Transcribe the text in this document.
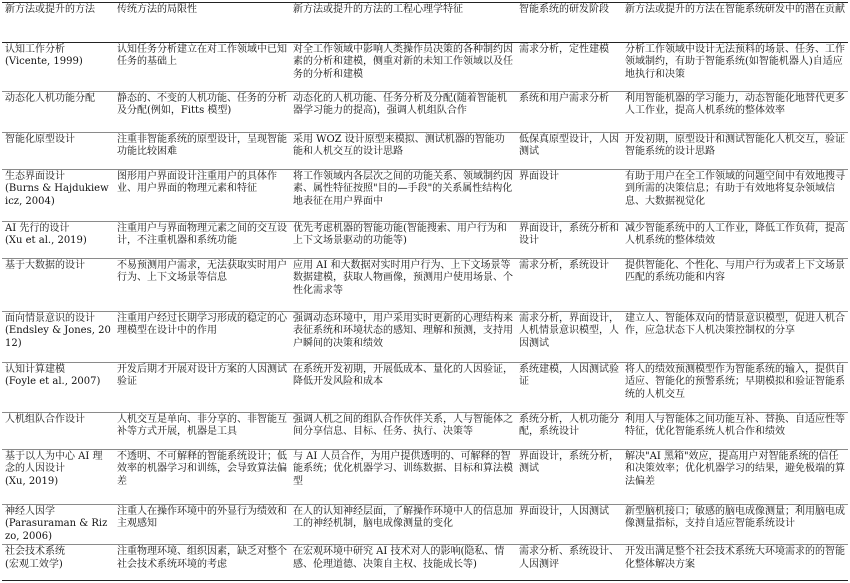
新方法或提升的方法	传统方法的局限性	新方法或提升的方法的工程心理学特征	智能系统的研发阶段	新方法或提升的方法在智能系统研发中的潜在贡献

认知工作分析
(Vicente, 1999)	认知任务分析建立在对工作领域中已知任务的基础上	对全工作领域中影响人类操作员决策的各种制约因素的分析和建模，侧重对新的未知工作领域以及任务的分析和建模	需求分析，定性建模	分析工作领域中设计无法预料的场景、任务、工作领域制约，有助于智能系统(如智能机器人)自适应地执行和决策

动态化人机功能分配	静态的、不变的人机功能、任务的分析及分配(例如，Fitts 模型)	动态化的人机功能、任务分析及分配(随着智能机器学习能力的提高)，强调人机组队合作	系统和用户需求分析	利用智能机器的学习能力，动态智能化地替代更多人工作业，提高人机系统的整体效率

智能化原型设计	注重非智能系统的原型设计，呈现智能功能比较困难	采用 WOZ 设计原型来模拟、测试机器的智能功能和人机交互的设计思路	低保真原型设计，人因测试	开发初期，原型设计和测试智能化人机交互，验证智能系统的设计思路

生态界面设计
(Burns & Hajdukiewicz, 2004)	图形用户界面设计注重用户的具体作业、用户界面的物理元素和特征	将工作领域内各层次之间的功能关系、领域制约因素、属性特征按照"目的—手段"的关系属性结构化地表征在用户界面中	界面设计	有助于用户在全工作领域的问题空间中有效地搜寻到所需的决策信息；有助于有效地将复杂领域信息、大数据视觉化

AI 先行的设计
(Xu et al., 2019)	注重用户与界面物理元素之间的交互设计，不注重机器和系统功能	优先考虑机器的智能功能(智能搜索、用户行为和上下文场景驱动的功能等)	界面设计，系统分析和设计	减少智能系统中的人工作业，降低工作负荷，提高人机系统的整体绩效

基于大数据的设计	不易预测用户需求，无法获取实时用户行为、上下文场景等信息	应用 AI 和大数据对实时用户行为、上下文场景等数据建模，获取人物画像，预测用户使用场景、个性化需求等	需求分析，系统设计	提供智能化、个性化、与用户行为或者上下文场景匹配的系统功能和内容

面向情景意识的设计
(Endsley & Jones, 2012)	注重用户经过长期学习形成的稳定的心理模型在设计中的作用	强调动态环境中，用户采用实时更新的心理结构来表征系统和环境状态的感知、理解和预测，支持用户瞬间的决策和绩效	需求分析，界面设计，人机情景意识模型，人因测试	建立人、智能体双向的情景意识模型，促进人机合作，应急状态下人机决策控制权的分享

认知计算建模
(Foyle et al., 2007)	开发后期才开展对设计方案的人因测试验证	在系统开发初期，开展低成本、量化的人因验证，降低开发风险和成本	系统建模，人因测试验证	将人的绩效预测模型作为智能系统的输入，提供自适应、智能化的预警系统；早期模拟和验证智能系统的人机交互

人机组队合作设计	人机交互是单向、非分享的、非智能互补等方式开展，机器是工具	强调人机之间的组队合作伙伴关系，人与智能体之间分享信息、目标、任务、执行、决策等	系统分析，人机功能分配，系统设计	利用人与智能体之间功能互补、替换、自适应性等特征，优化智能系统人机合作和绩效

基于以人为中心 AI 理念的人因设计
(Xu, 2019)	不透明、不可解释的智能系统设计；低效率的机器学习和训练，会导致算法偏差	与 AI 人员合作，为用户提供透明的、可解释的智能系统；优化机器学习、训练数据、目标和算法模型	界面设计，系统分析，测试	解决"AI 黑箱"效应，提高用户对智能系统的信任和决策效率；优化机器学习的结果，避免极端的算法偏差

神经人因学
(Parasuraman & Rizzo, 2006)	注重人在操作环境中的外显行为绩效和主观感知	在人的认知神经层面，了解操作环境中人的信息加工的神经机制，脑电成像测量的变化	界面设计，人因测试	新型脑机接口；敏感的脑电成像测量；利用脑电成像测量指标，支持自适应智能系统设计

社会技术系统
(宏观工效学)	注重物理环境、组织因素，缺乏对整个社会技术系统环境的考虑	在宏观环境中研究 AI 技术对人的影响(隐私、情感、伦理道德、决策自主权、技能成长等)	需求分析、系统设计、人因测评	开发出满足整个社会技术系统大环境需求的的智能化整体解决方案
